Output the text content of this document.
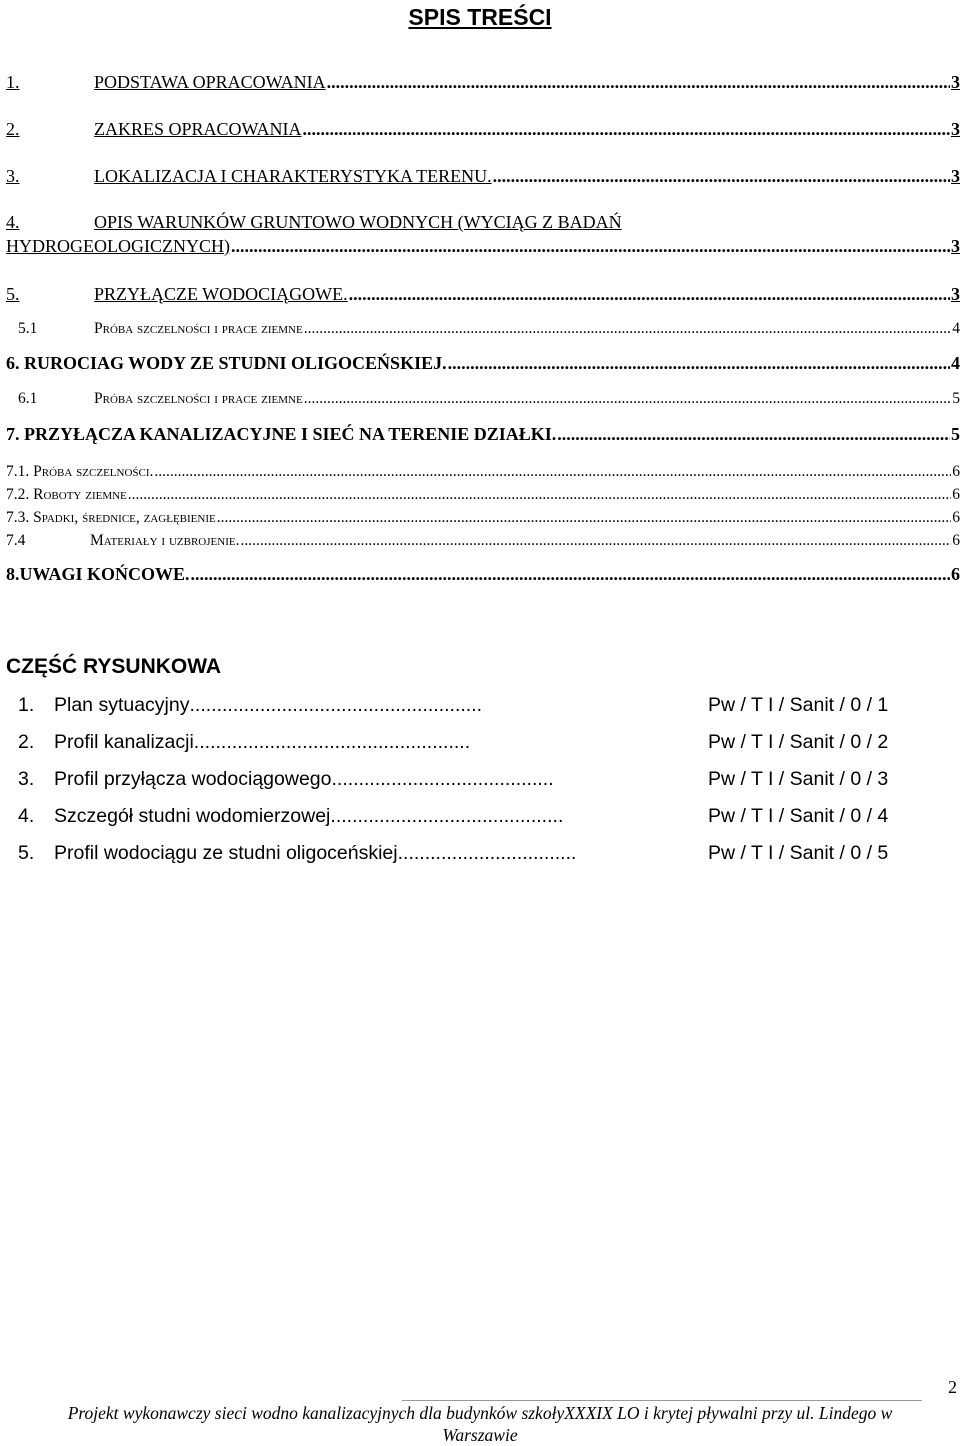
SPIS TREŚCI
1.	PODSTAWA OPRACOWANIA .....	3
2.	ZAKRES OPRACOWANIA .....	3
3.	LOKALIZACJA I CHARAKTERYSTYKA TERENU. .....	3
4.	OPIS WARUNKÓW GRUNTOWO WODNYCH (WYCIĄG Z BADAŃ
HYDROGEOLOGICZNYCH) .....	3
5.	PRZYŁĄCZE WODOCIĄGOWE. .....	3
5.1	Próba szczelności i prace ziemne .....	4
6. RUROCIAG WODY ZE STUDNI OLIGOCEŃSKIEJ. .....	4
6.1	Próba szczelności i prace ziemne .....	5
7. PRZYŁĄCZA KANALIZACYJNE I SIEĆ NA TERENIE DZIAŁKI. .....	5
7.1. Próba szczelności. .....	6
7.2. Roboty ziemne .....	6
7.3. Spadki, średnice, zagłębienie .....	6
7.4	Materiały i uzbrojenie. .....	6
8.UWAGI KOŃCOWE. .....	6
CZĘŚĆ RYSUNKOWA
1.	Plan sytuacyjny ......................................................	Pw / T I / Sanit / 0 / 1
2.	Profil kanalizacji. ..................................................	Pw / T I / Sanit / 0 / 2
3.	Profil przyłącza wodociągowego. ........................................	Pw / T I / Sanit / 0 / 3
4.	Szczegół studni wodomierzowej. ..........................................	Pw / T I / Sanit / 0 / 4
5.	Profil wodociągu ze studni oligoceńskiej .................................	Pw / T I / Sanit / 0 / 5
2
Projekt wykonawczy sieci wodno kanalizacyjnych dla budynków szkołyXXXIX LO i krytej pływalni przy ul. Lindego w
Warszawie
